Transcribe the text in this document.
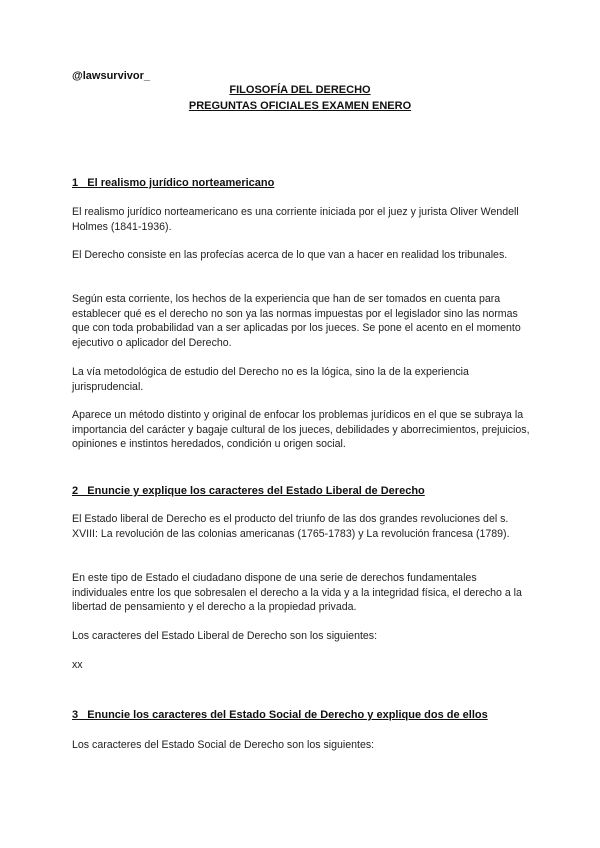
@lawsurvivor_
FILOSOFÍA DEL DERECHO
PREGUNTAS OFICIALES EXAMEN ENERO
1_ El realismo jurídico norteamericano

El realismo jurídico norteamericano es una corriente iniciada por el juez y jurista Oliver Wendell Holmes (1841-1936).

El Derecho consiste en las profecías acerca de lo que van a hacer en realidad los tribunales.

Según esta corriente, los hechos de la experiencia que han de ser tomados en cuenta para establecer qué es el derecho no son ya las normas impuestas por el legislador sino las normas que con toda probabilidad van a ser aplicadas por los jueces. Se pone el acento en el momento ejecutivo o aplicador del Derecho.

La vía metodológica de estudio del Derecho no es la lógica, sino la de la experiencia jurisprudencial.

Aparece un método distinto y original de enfocar los problemas jurídicos en el que se subraya la importancia del carácter y bagaje cultural de los jueces, debilidades y aborrecimientos, prejuicios, opiniones e instintos heredados, condición u origen social.

2_ Enuncie y explique los caracteres del Estado Liberal de Derecho

El Estado liberal de Derecho es el producto del triunfo de las dos grandes revoluciones del s. XVIII: La revolución de las colonias americanas (1765-1783) y La revolución francesa (1789).

En este tipo de Estado el ciudadano dispone de una serie de derechos fundamentales individuales entre los que sobresalen el derecho a la vida y a la integridad física, el derecho a la libertad de pensamiento y el derecho a la propiedad privada.

Los caracteres del Estado Liberal de Derecho son los siguientes:

xx

3_ Enuncie los caracteres del Estado Social de Derecho y explique dos de ellos

Los caracteres del Estado Social de Derecho son los siguientes:
